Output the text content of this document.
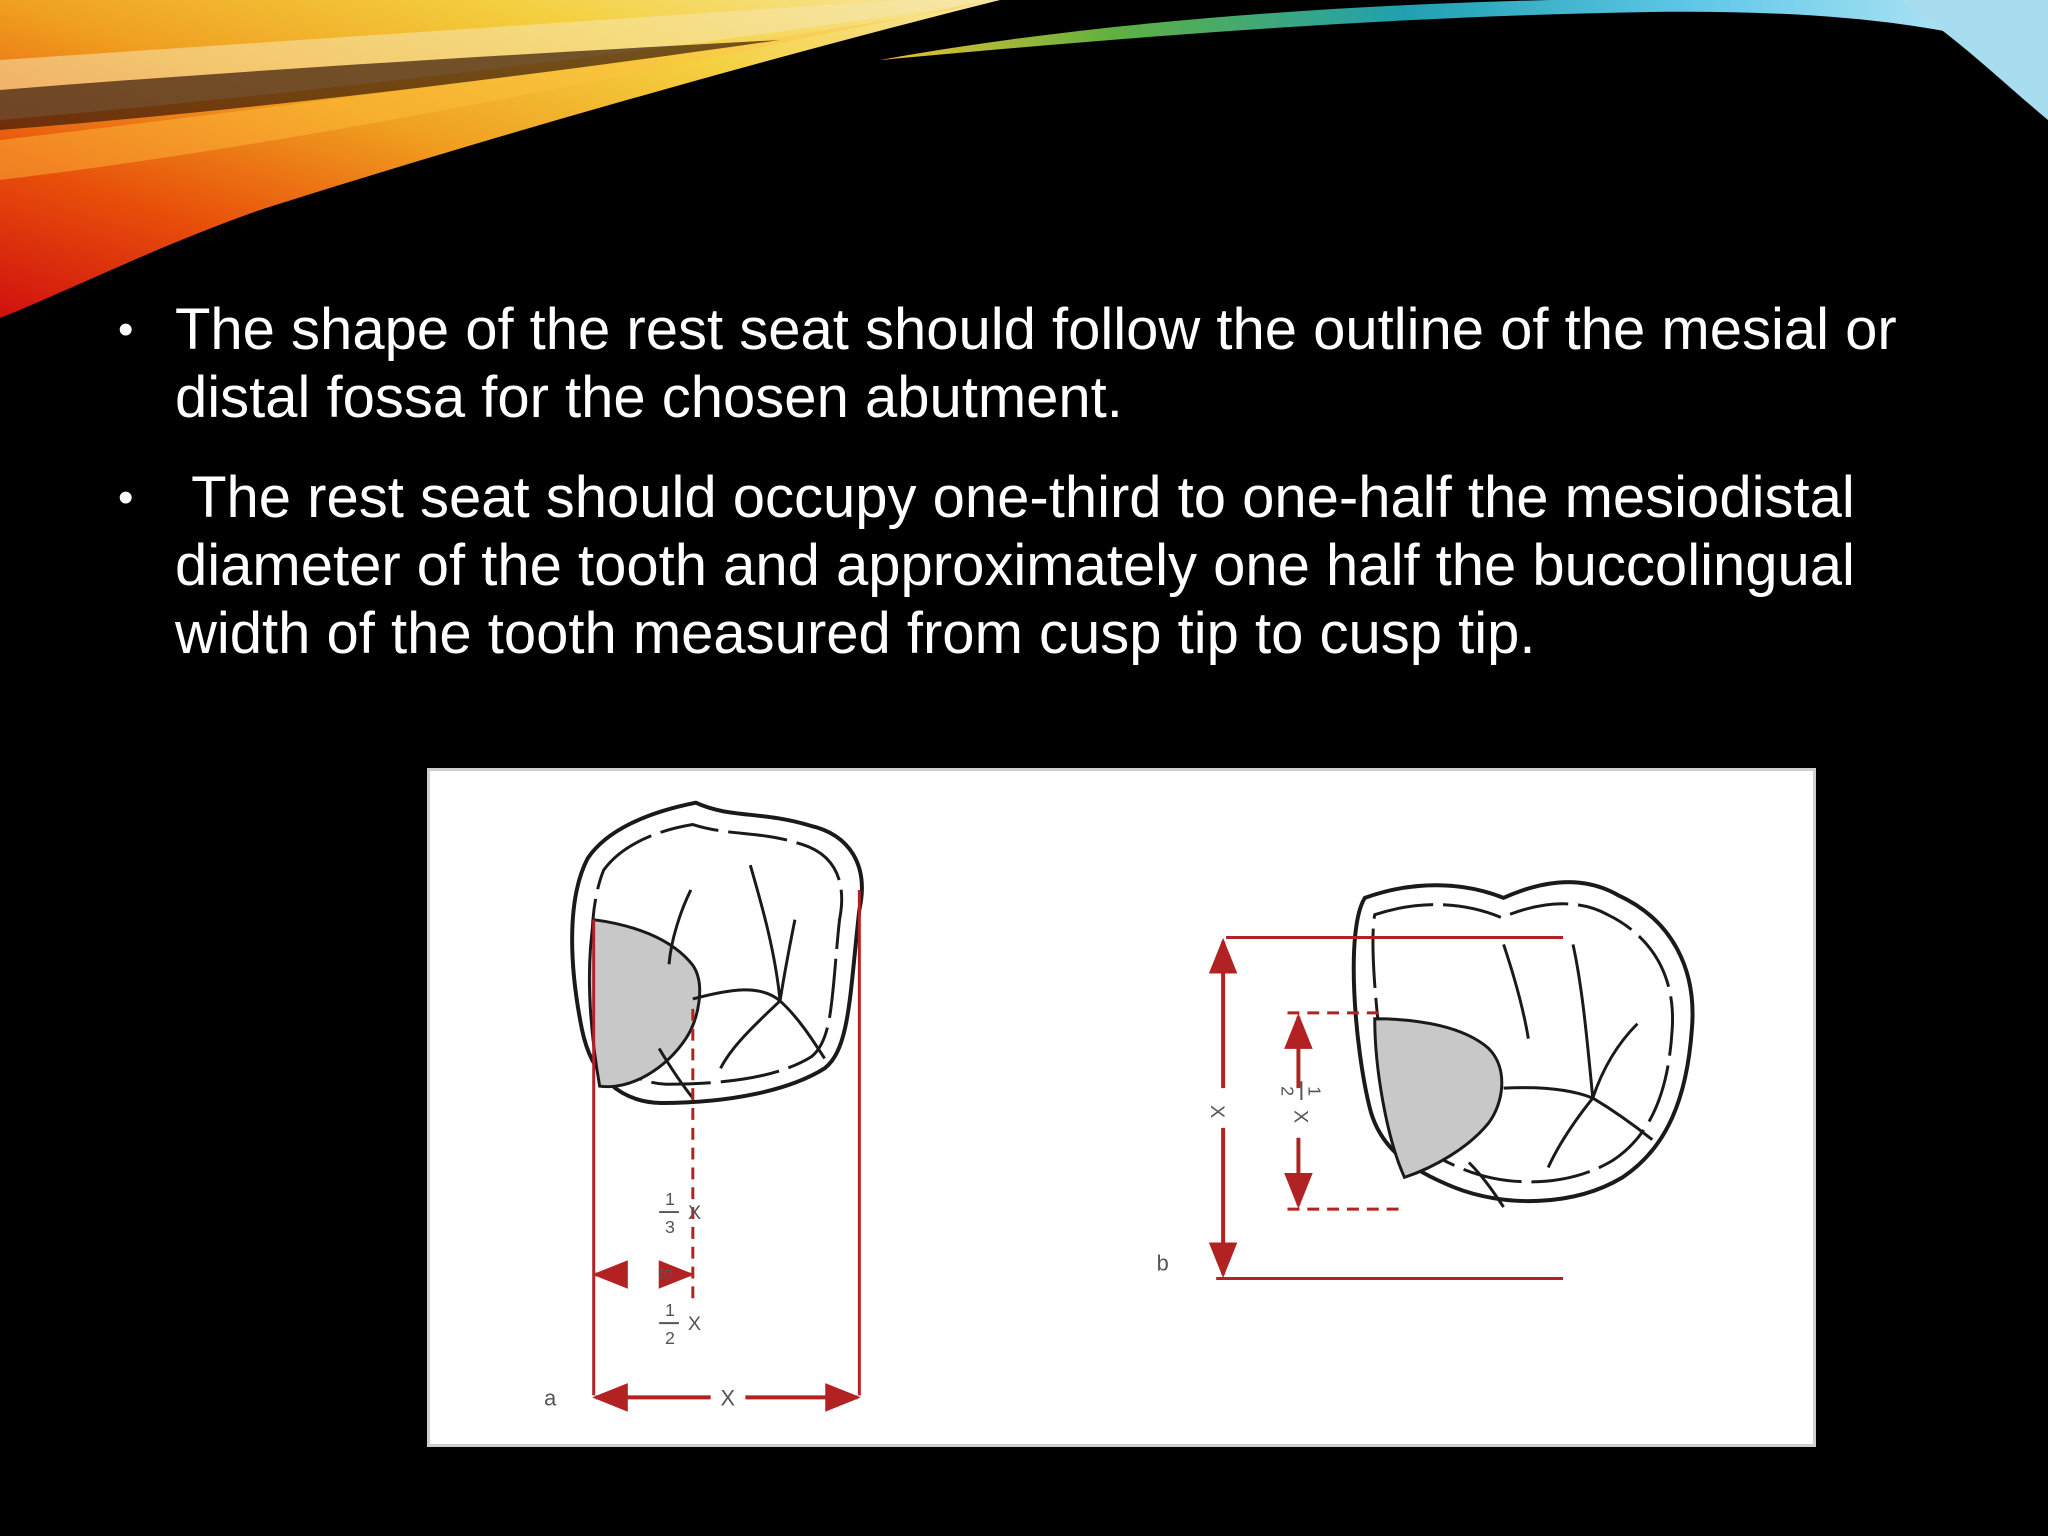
• The shape of the rest seat should follow the outline of the mesial or distal fossa for the chosen abutment.
• The rest seat should occupy one-third to one-half the mesiodistal diameter of the tooth and approximately one half the buccolingual width of the tooth measured from cusp tip to cusp tip.
a	X
1
3
X
to
1
2
X
b
X
1
2
X
